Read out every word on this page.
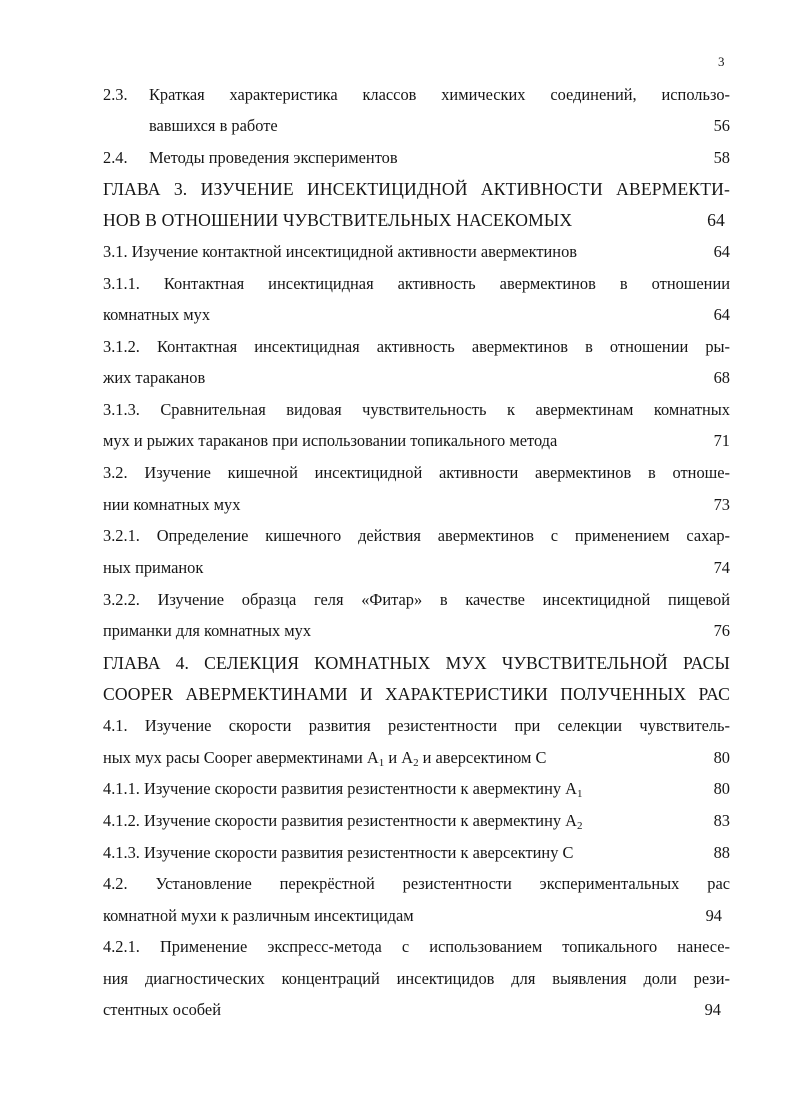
3
2.3. Краткая характеристика классов химических соединений, использо-
вавшихся в работе	56
2.4. Методы проведения экспериментов	58
ГЛАВА 3. ИЗУЧЕНИЕ ИНСЕКТИЦИДНОЙ АКТИВНОСТИ АВЕРМЕКТИ-
НОВ В ОТНОШЕНИИ ЧУВСТВИТЕЛЬНЫХ НАСЕКОМЫХ	64
3.1. Изучение контактной инсектицидной активности авермектинов	64
3.1.1. Контактная инсектицидная активность авермектинов в отношении
комнатных мух	64
3.1.2. Контактная инсектицидная активность авермектинов в отношении ры-
жих тараканов	68
3.1.3. Сравнительная видовая чувствительность к авермектинам комнатных
мух и рыжих тараканов при использовании топикального метода	71
3.2. Изучение кишечной инсектицидной активности авермектинов в отноше-
нии комнатных мух	73
3.2.1. Определение кишечного действия авермектинов с применением сахар-
ных приманок	74
3.2.2. Изучение образца геля «Фитар» в качестве инсектицидной пищевой
приманки для комнатных мух	76
ГЛАВА 4. СЕЛЕКЦИЯ КОМНАТНЫХ МУХ ЧУВСТВИТЕЛЬНОЙ РАСЫ
COOPER АВЕРМЕКТИНАМИ И ХАРАКТЕРИСТИКИ ПОЛУЧЕННЫХ РАС
4.1. Изучение скорости развития резистентности при селекции чувствитель-
ных мух расы Cooper авермектинами $A_1$ и $A_2$ и аверсектином C	80
4.1.1. Изучение скорости развития резистентности к авермектину $A_1$	80
4.1.2. Изучение скорости развития резистентности к авермектину $A_2$	83
4.1.3. Изучение скорости развития резистентности к аверсектину C	88
4.2. Установление перекрёстной резистентности экспериментальных рас
комнатной мухи к различным инсектицидам	94
4.2.1. Применение экспресс-метода с использованием топикального нанесе-
ния диагностических концентраций инсектицидов для выявления доли рези-
стентных особей	94
